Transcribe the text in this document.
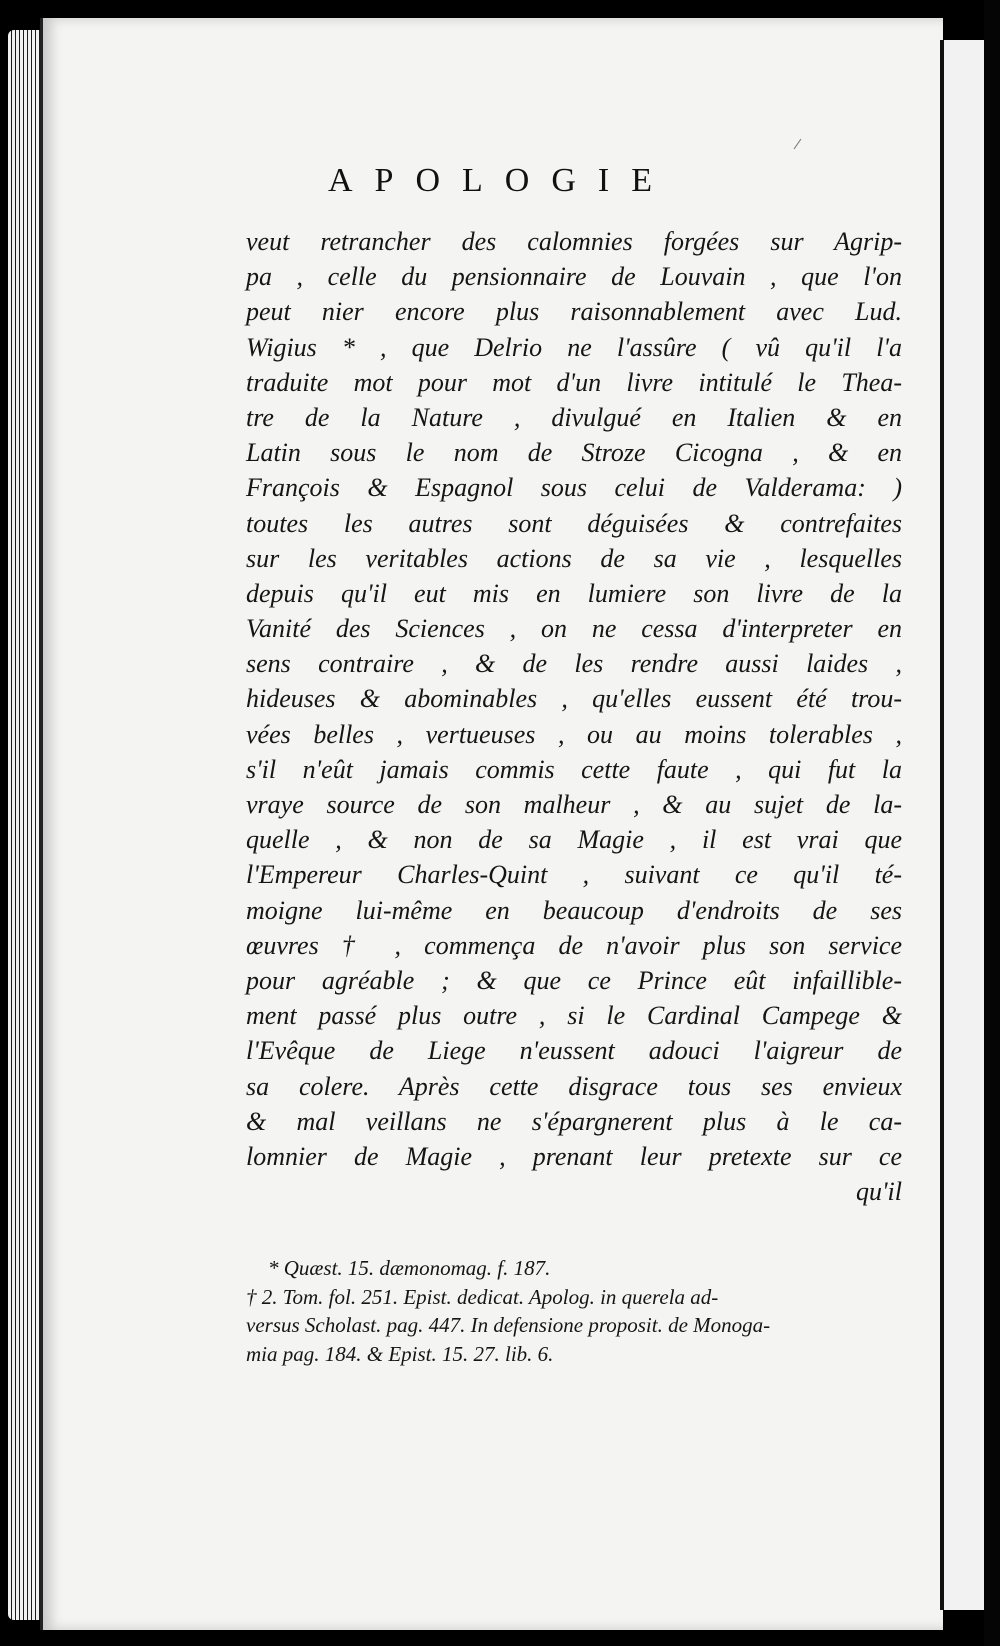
APOLOGIE
veut retrancher des calomnies forgées sur Agrip-
pa , celle du pensionnaire de Louvain , que l'on
peut nier encore plus raisonnablement avec Lud.
Wigius * , que Delrio ne l'assûre ( vû qu'il l'a
traduite mot pour mot d'un livre intitulé le Thea-
tre de la Nature , divulgué en Italien & en
Latin sous le nom de Stroze Cicogna , & en
François & Espagnol sous celui de Valderama: )
toutes les autres sont déguisées & contrefaites
sur les veritables actions de sa vie , lesquelles
depuis qu'il eut mis en lumiere son livre de la
Vanité des Sciences , on ne cessa d'interpreter en
sens contraire , & de les rendre aussi laides ,
hideuses & abominables , qu'elles eussent été trou-
vées belles , vertueuses , ou au moins tolerables ,
s'il n'eût jamais commis cette faute , qui fut la
vraye source de son malheur , & au sujet de la-
quelle , & non de sa Magie , il est vrai que
l'Empereur Charles-Quint , suivant ce qu'il té-
moigne lui-même en beaucoup d'endroits de ses
œuvres † , commença de n'avoir plus son service
pour agréable ; & que ce Prince eût infaillible-
ment passé plus outre , si le Cardinal Campege &
l'Evêque de Liege n'eussent adouci l'aigreur de
sa colere. Après cette disgrace tous ses envieux
& mal veillans ne s'épargnerent plus à le ca-
lomnier de Magie , prenant leur pretexte sur ce
qu'il
* Quæst. 15. dæmonomag. f. 187.
† 2. Tom. fol. 251. Epist. dedicat. Apolog. in querela ad-
versus Scholast. pag. 447. In defensione proposit. de Monoga-
mia pag. 184. & Epist. 15. 27. lib. 6.
